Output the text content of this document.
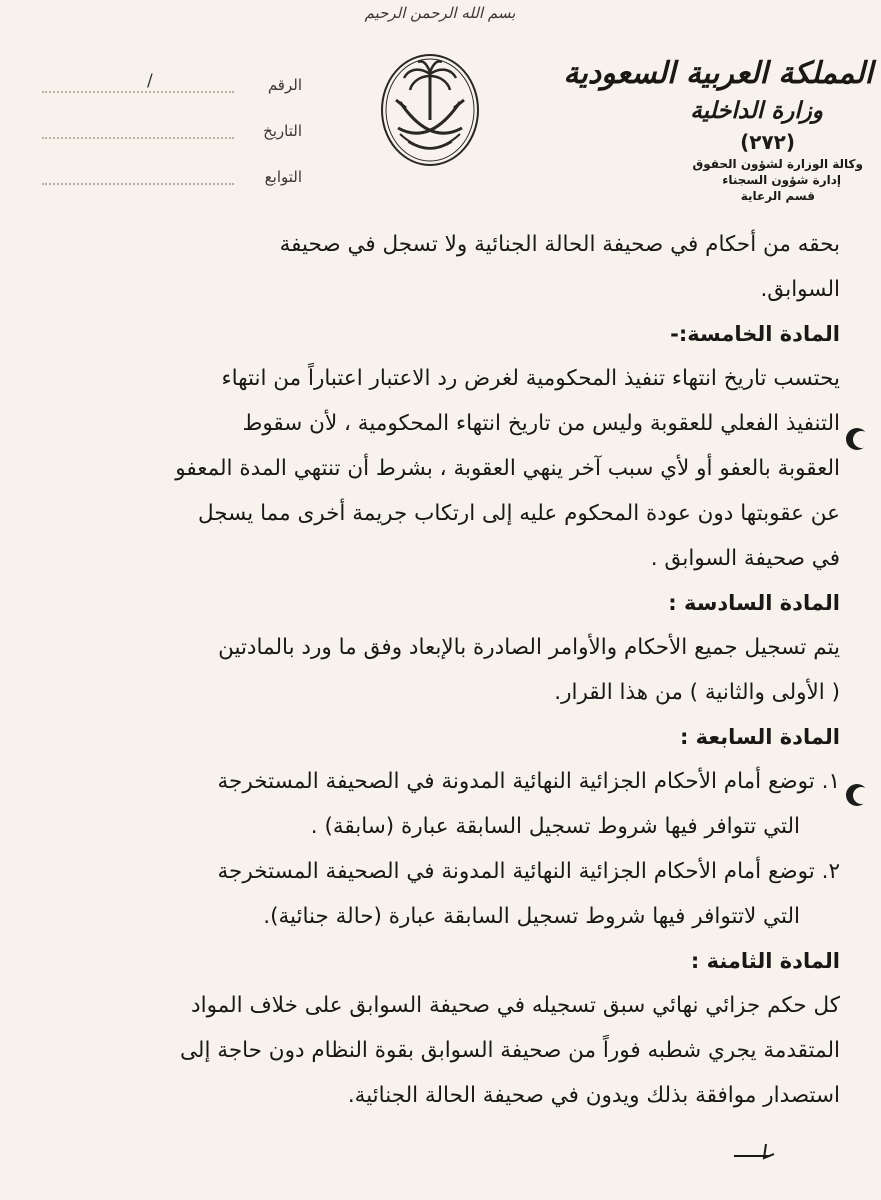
بسم الله الرحمن الرحيم
المملكة العربية السعودية
وزارة الداخلية
(٢٧٢)
وكالة الوزارة لشؤون الحقوق
إدارة شؤون السجناء
قسم الرعاية
الرقم
/
التاريخ
التوابع

بحقه من أحكام في صحيفة الحالة الجنائية ولا تسجل في صحيفة

السوابق.

المادة الخامسة:-

يحتسب تاريخ انتهاء تنفيذ المحكومية لغرض رد الاعتبار اعتباراً من انتهاء

التنفيذ الفعلي للعقوبة وليس من تاريخ انتهاء المحكومية ، لأن سقوط

العقوبة بالعفو أو لأي سبب آخر ينهي العقوبة ، بشرط أن تنتهي المدة المعفو

عن عقوبتها دون عودة المحكوم عليه إلى ارتكاب جريمة أخرى مما يسجل

في صحيفة السوابق .

المادة السادسة :

يتم تسجيل جميع الأحكام والأوامر الصادرة بالإبعاد وفق ما ورد بالمادتين

( الأولى والثانية ) من هذا القرار.

المادة السابعة :

١. توضع أمام الأحكام الجزائية النهائية المدونة في الصحيفة المستخرجة

التي تتوافر فيها شروط تسجيل السابقة عبارة (سابقة) .

٢. توضع أمام الأحكام الجزائية النهائية المدونة في الصحيفة المستخرجة

التي لاتتوافر فيها شروط تسجيل السابقة عبارة (حالة جنائية).

المادة الثامنة :

كل حكم جزائي نهائي سبق تسجيله في صحيفة السوابق على خلاف المواد

المتقدمة يجري شطبه فوراً من صحيفة السوابق بقوة النظام دون حاجة إلى

استصدار موافقة بذلك ويدون في صحيفة الحالة الجنائية.
